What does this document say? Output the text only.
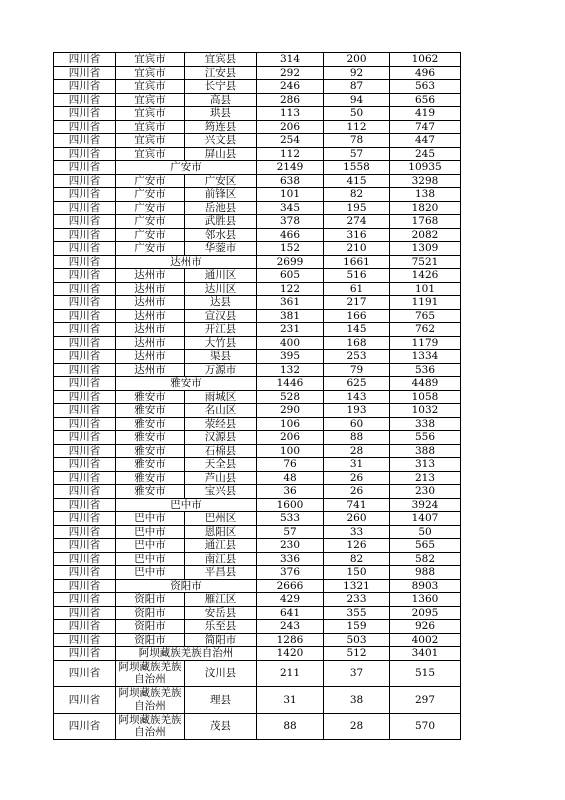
四川省	宜宾市	宜宾县	314	200	1062
四川省	宜宾市	江安县	292	92	496
四川省	宜宾市	长宁县	246	87	563
四川省	宜宾市	高县	286	94	656
四川省	宜宾市	珙县	113	50	419
四川省	宜宾市	筠连县	206	112	747
四川省	宜宾市	兴文县	254	78	447
四川省	宜宾市	屏山县	112	57	245
四川省	广安市		2149	1558	10935
四川省	广安市	广安区	638	415	3298
四川省	广安市	前锋区	101	82	138
四川省	广安市	岳池县	345	195	1820
四川省	广安市	武胜县	378	274	1768
四川省	广安市	邻水县	466	316	2082
四川省	广安市	华蓥市	152	210	1309
四川省	达州市		2699	1661	7521
四川省	达州市	通川区	605	516	1426
四川省	达州市	达川区	122	61	101
四川省	达州市	达县	361	217	1191
四川省	达州市	宣汉县	381	166	765
四川省	达州市	开江县	231	145	762
四川省	达州市	大竹县	400	168	1179
四川省	达州市	渠县	395	253	1334
四川省	达州市	万源市	132	79	536
四川省	雅安市		1446	625	4489
四川省	雅安市	雨城区	528	143	1058
四川省	雅安市	名山区	290	193	1032
四川省	雅安市	荥经县	106	60	338
四川省	雅安市	汉源县	206	88	556
四川省	雅安市	石棉县	100	28	388
四川省	雅安市	天全县	76	31	313
四川省	雅安市	芦山县	48	26	213
四川省	雅安市	宝兴县	36	26	230
四川省	巴中市		1600	741	3924
四川省	巴中市	巴州区	533	260	1407
四川省	巴中市	恩阳区	57	33	50
四川省	巴中市	通江县	230	126	565
四川省	巴中市	南江县	336	82	582
四川省	巴中市	平昌县	376	150	988
四川省	资阳市		2666	1321	8903
四川省	资阳市	雁江区	429	233	1360
四川省	资阳市	安岳县	641	355	2095
四川省	资阳市	乐至县	243	159	926
四川省	资阳市	简阳市	1286	503	4002
四川省	阿坝藏族羌族自治州		1420	512	3401
四川省	阿坝藏族羌族自治州	汶川县	211	37	515
四川省	阿坝藏族羌族自治州	理县	31	38	297
四川省	阿坝藏族羌族自治州	茂县	88	28	570
